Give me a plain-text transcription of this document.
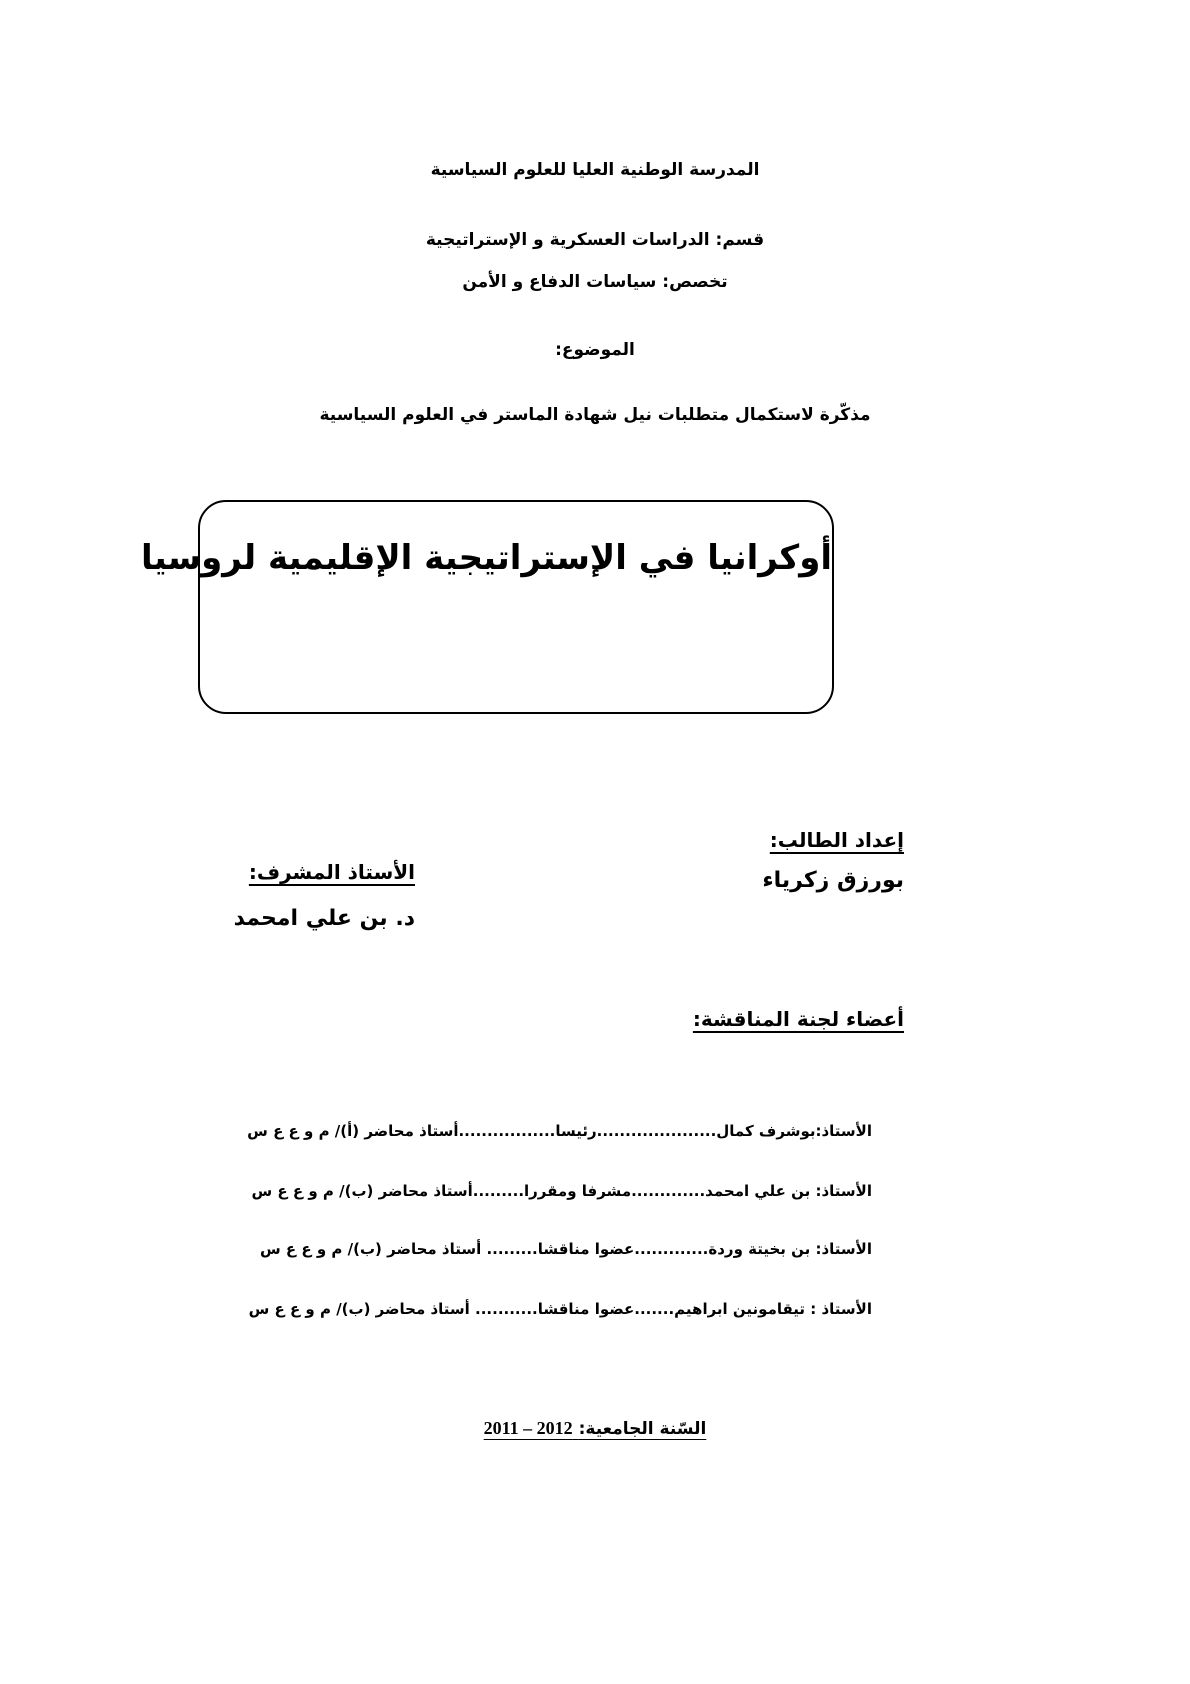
المدرسة الوطنية العليا للعلوم السياسية
قسم: الدراسات العسكرية و الإستراتيجية
تخصص: سياسات الدفاع و الأمن
الموضوع:
مذكّرة لاستكمال متطلبات نيل شهادة الماستر في العلوم السياسية
أوكرانيا في الإستراتيجية الإقليمية لروسيا
إعداد الطالب:
بورزق زكرياء
الأستاذ المشرف:
د. بن علي امحمد
أعضاء لجنة المناقشة:
الأستاذ:بوشرف كمال.....................رئيسا.................أستاذ محاضر (أ)/ م و ع ع س
الأستاذ: بن علي امحمد.............مشرفا ومقررا.........أستاذ محاضر (ب)/ م و ع ع س
الأستاذ: بن بخيتة وردة.............عضوا مناقشا......... أستاذ محاضر (ب)/ م و ع ع س
الأستاذ : تيقامونين ابراهيم.......عضوا مناقشا........... أستاذ محاضر (ب)/ م و ع ع س
السّنة الجامعية: 2011 – 2012
